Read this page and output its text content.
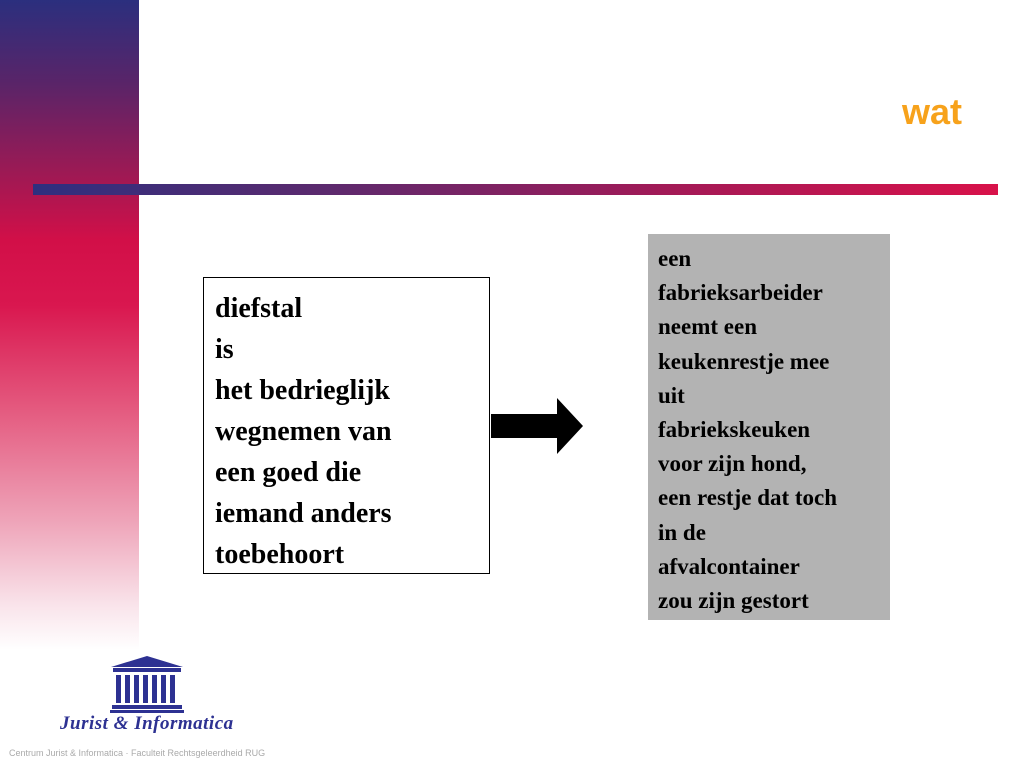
wat
diefstal
is
het bedrieglijk
wegnemen van
een goed die
iemand anders
toebehoort
een
fabrieksarbeider
neemt een
keukenrestje mee
uit
fabriekskeuken
voor zijn hond,
een restje dat toch
in de
afvalcontainer
zou zijn gestort
Jurist & Informatica
Centrum Jurist & Informatica · Faculteit Rechtsgeleerdheid RUG
